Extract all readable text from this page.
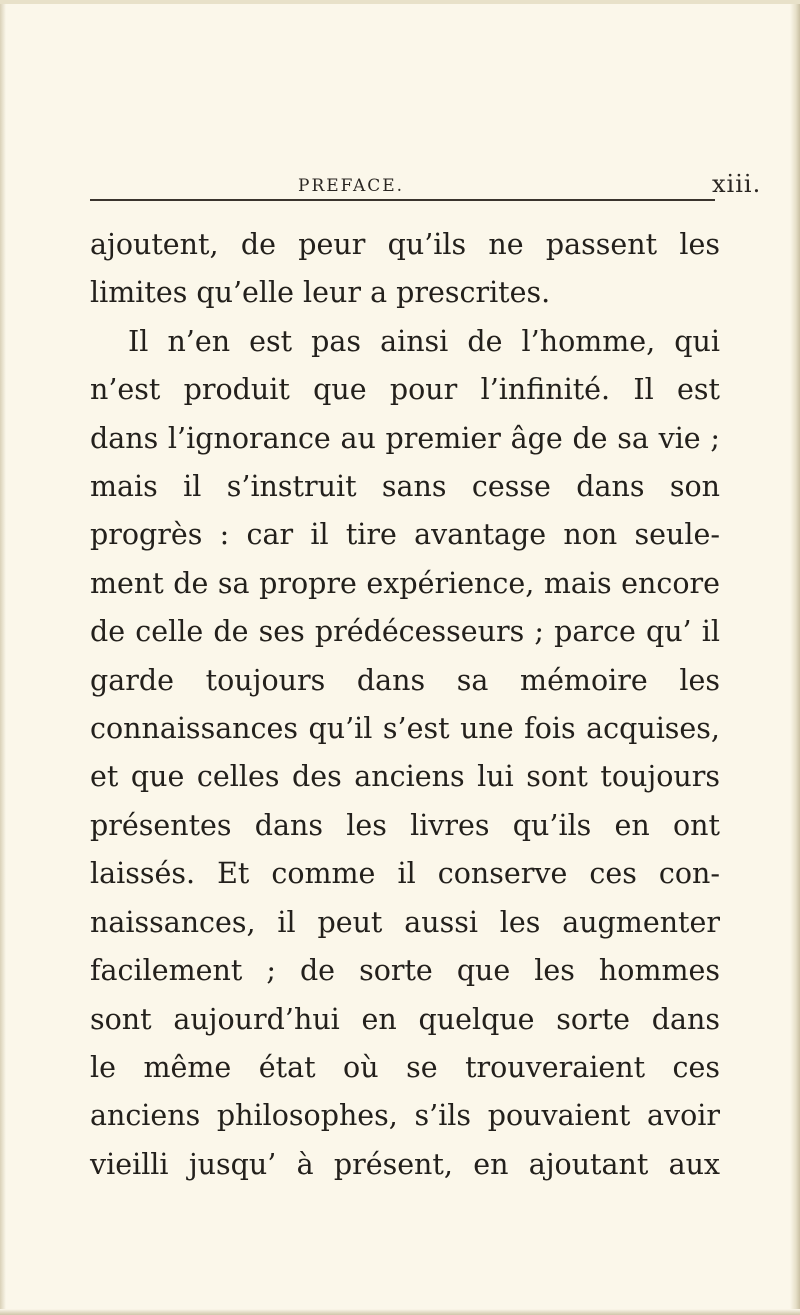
PREFACE.	xiii.
ajoutent, de peur qu’ils ne passent les
limites qu’elle leur a prescrites.
Il n’en est pas ainsi de l’homme, qui
n’est produit que pour l’infinité. Il est
dans l’ignorance au premier âge de sa vie ;
mais il s’instruit sans cesse dans son
progrès : car il tire avantage non seule-
ment de sa propre expérience, mais encore
de celle de ses prédécesseurs ; parce qu’ il
garde toujours dans sa mémoire les
connaissances qu’il s’est une fois acquises,
et que celles des anciens lui sont toujours
présentes dans les livres qu’ils en ont
laissés. Et comme il conserve ces con-
naissances, il peut aussi les augmenter
facilement ; de sorte que les hommes
sont aujourd’hui en quelque sorte dans
le même état où se trouveraient ces
anciens philosophes, s’ils pouvaient avoir
vieilli jusqu’ à présent, en ajoutant aux
